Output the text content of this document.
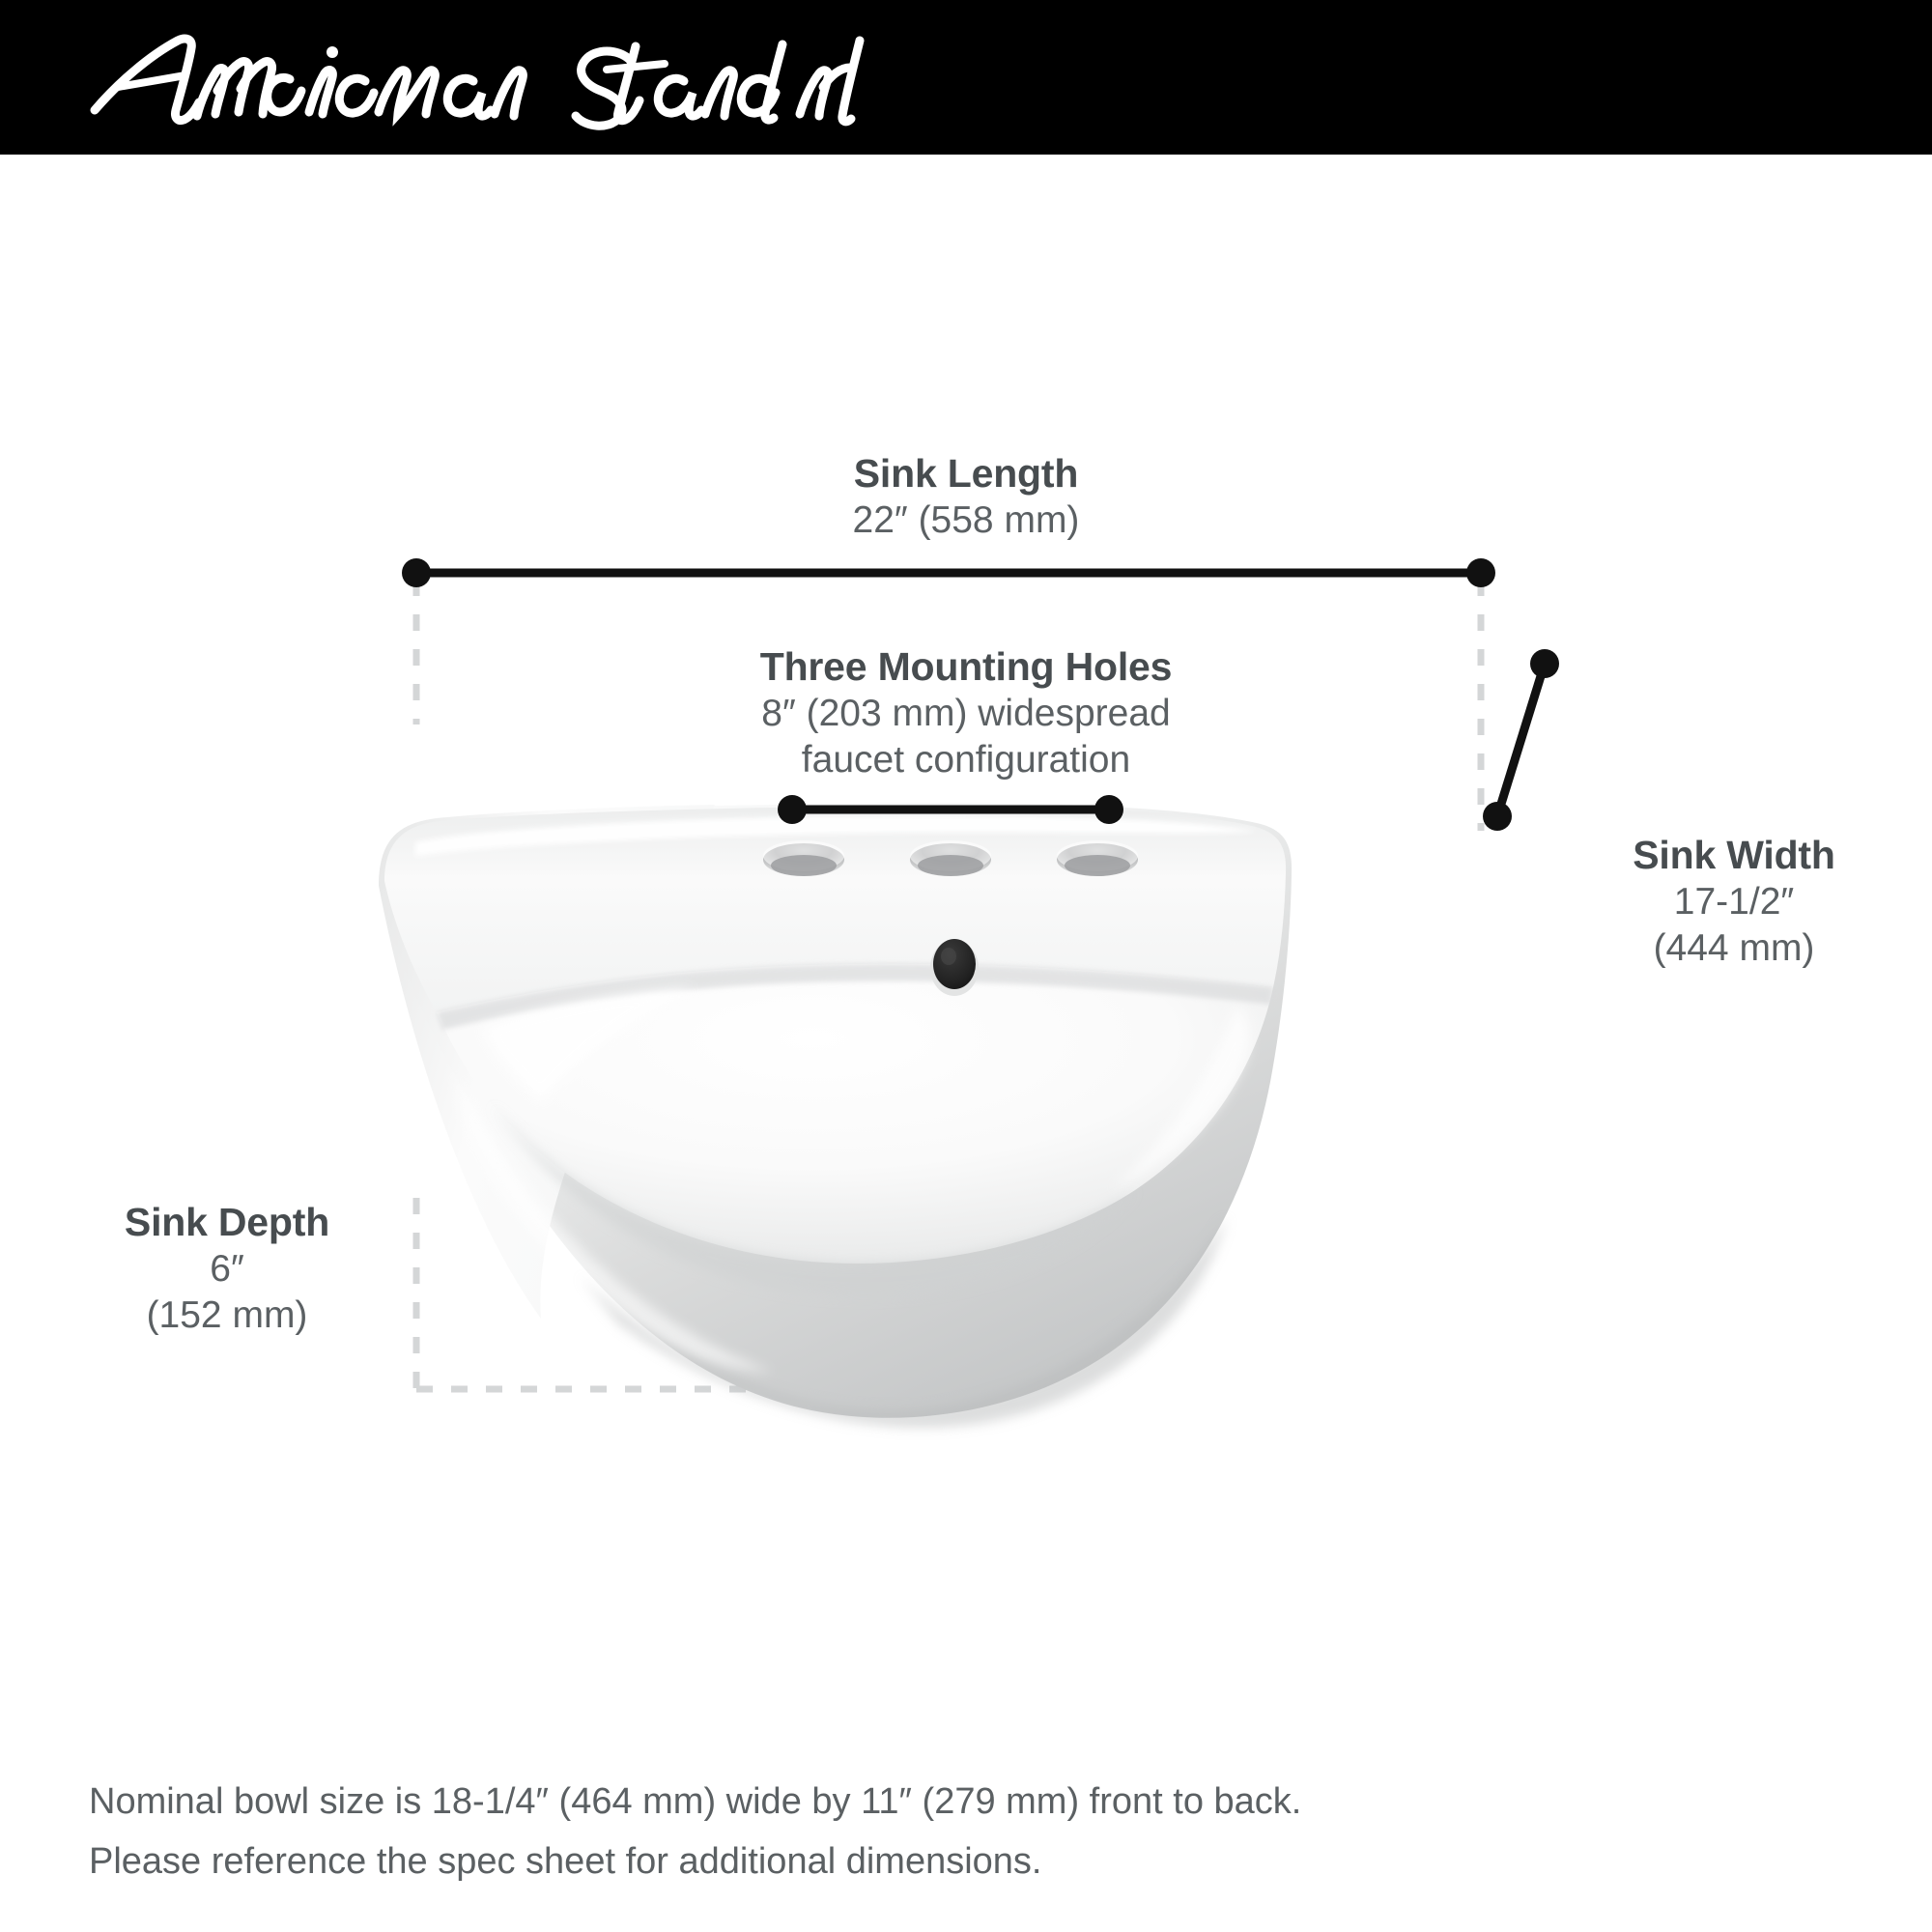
Sink Length
22″ (558 mm)
Three Mounting Holes
8″ (203 mm) widespread
faucet configuration
Sink Width
17-1/2″
(444 mm)
Sink Depth
6″
(152 mm)
Nominal bowl size is 18-1/4″ (464 mm) wide by 11″ (279 mm) front to back.
Please reference the spec sheet for additional dimensions.
